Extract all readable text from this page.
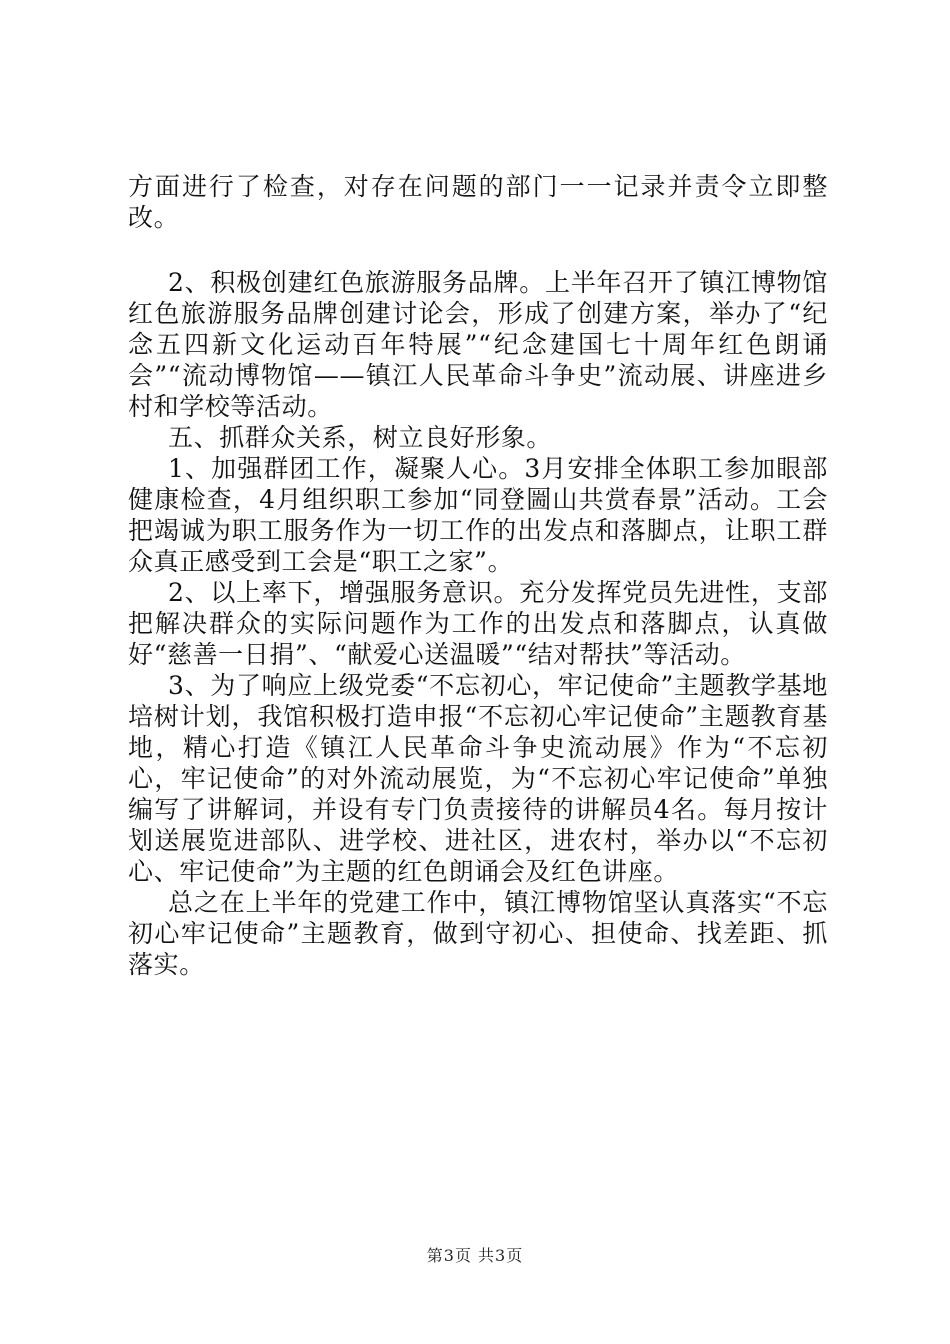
方面进行了检查，对存在问题的部门一一记录并责令立即整改。

2、积极创建红色旅游服务品牌。上半年召开了镇江博物馆红色旅游服务品牌创建讨论会，形成了创建方案，举办了“纪念五四新文化运动百年特展”“纪念建国七十周年红色朗诵会”“流动博物馆——镇江人民革命斗争史”流动展、讲座进乡村和学校等活动。

五、抓群众关系，树立良好形象。

1、加强群团工作，凝聚人心。3月安排全体职工参加眼部健康检查，4月组织职工参加“同登圌山共赏春景”活动。工会把竭诚为职工服务作为一切工作的出发点和落脚点，让职工群众真正感受到工会是“职工之家”。

2、以上率下，增强服务意识。充分发挥党员先进性，支部把解决群众的实际问题作为工作的出发点和落脚点，认真做好“慈善一日捐”、“献爱心送温暖”“结对帮扶”等活动。

3、为了响应上级党委“不忘初心，牢记使命”主题教学基地培树计划，我馆积极打造申报“不忘初心牢记使命”主题教育基地，精心打造《镇江人民革命斗争史流动展》作为“不忘初心，牢记使命”的对外流动展览，为“不忘初心牢记使命”单独编写了讲解词，并设有专门负责接待的讲解员4名。每月按计划送展览进部队、进学校、进社区，进农村，举办以“不忘初心、牢记使命”为主题的红色朗诵会及红色讲座。

总之在上半年的党建工作中，镇江博物馆坚认真落实“不忘初心牢记使命”主题教育，做到守初心、担使命、找差距、抓落实。

第3页 共3页
